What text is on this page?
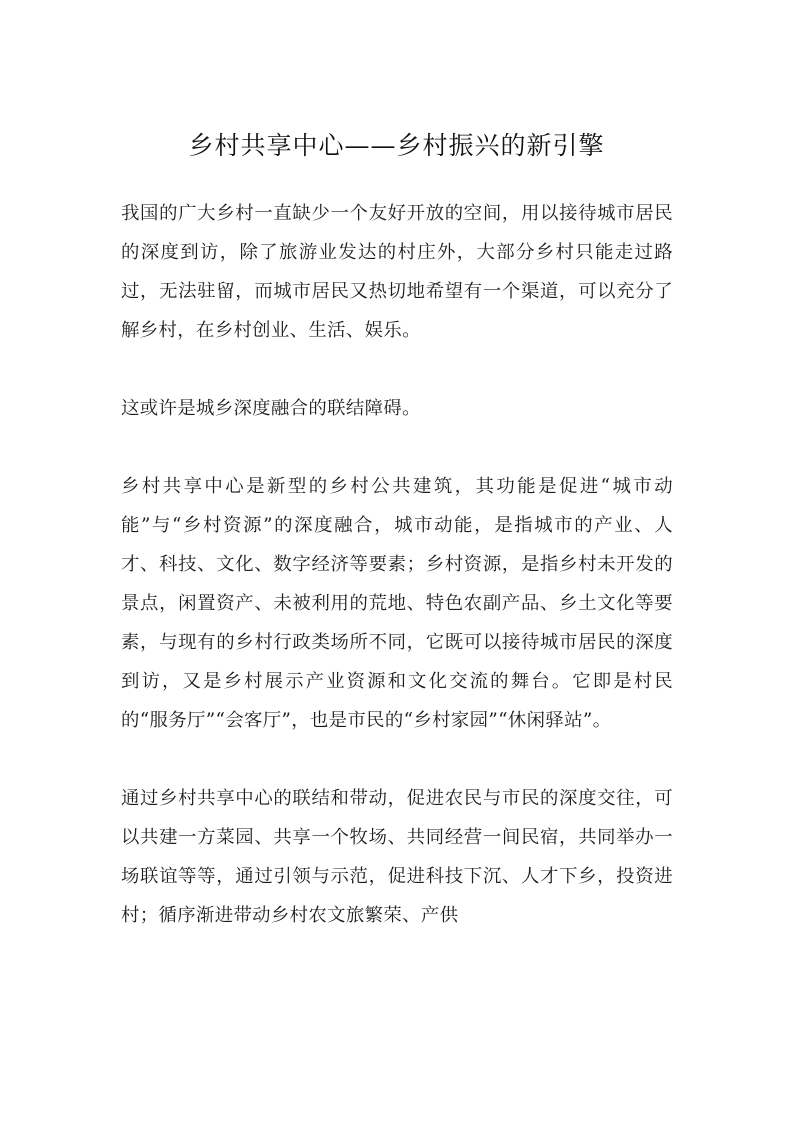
乡村共享中心——乡村振兴的新引擎

我国的广大乡村一直缺少一个友好开放的空间，用以接待城市居民的深度到访，除了旅游业发达的村庄外，大部分乡村只能走过路过，无法驻留，而城市居民又热切地希望有一个渠道，可以充分了解乡村，在乡村创业、生活、娱乐。

这或许是城乡深度融合的联结障碍。

乡村共享中心是新型的乡村公共建筑，其功能是促进“城市动能”与“乡村资源”的深度融合，城市动能，是指城市的产业、人才、科技、文化、数字经济等要素；乡村资源，是指乡村未开发的景点，闲置资产、未被利用的荒地、特色农副产品、乡土文化等要素，与现有的乡村行政类场所不同，它既可以接待城市居民的深度到访，又是乡村展示产业资源和文化交流的舞台。它即是村民的“服务厅”“会客厅”，也是市民的“乡村家园”“休闲驿站”。

通过乡村共享中心的联结和带动，促进农民与市民的深度交往，可以共建一方菜园、共享一个牧场、共同经营一间民宿，共同举办一场联谊等等，通过引领与示范，促进科技下沉、人才下乡，投资进村；循序渐进带动乡村农文旅繁荣、产供
